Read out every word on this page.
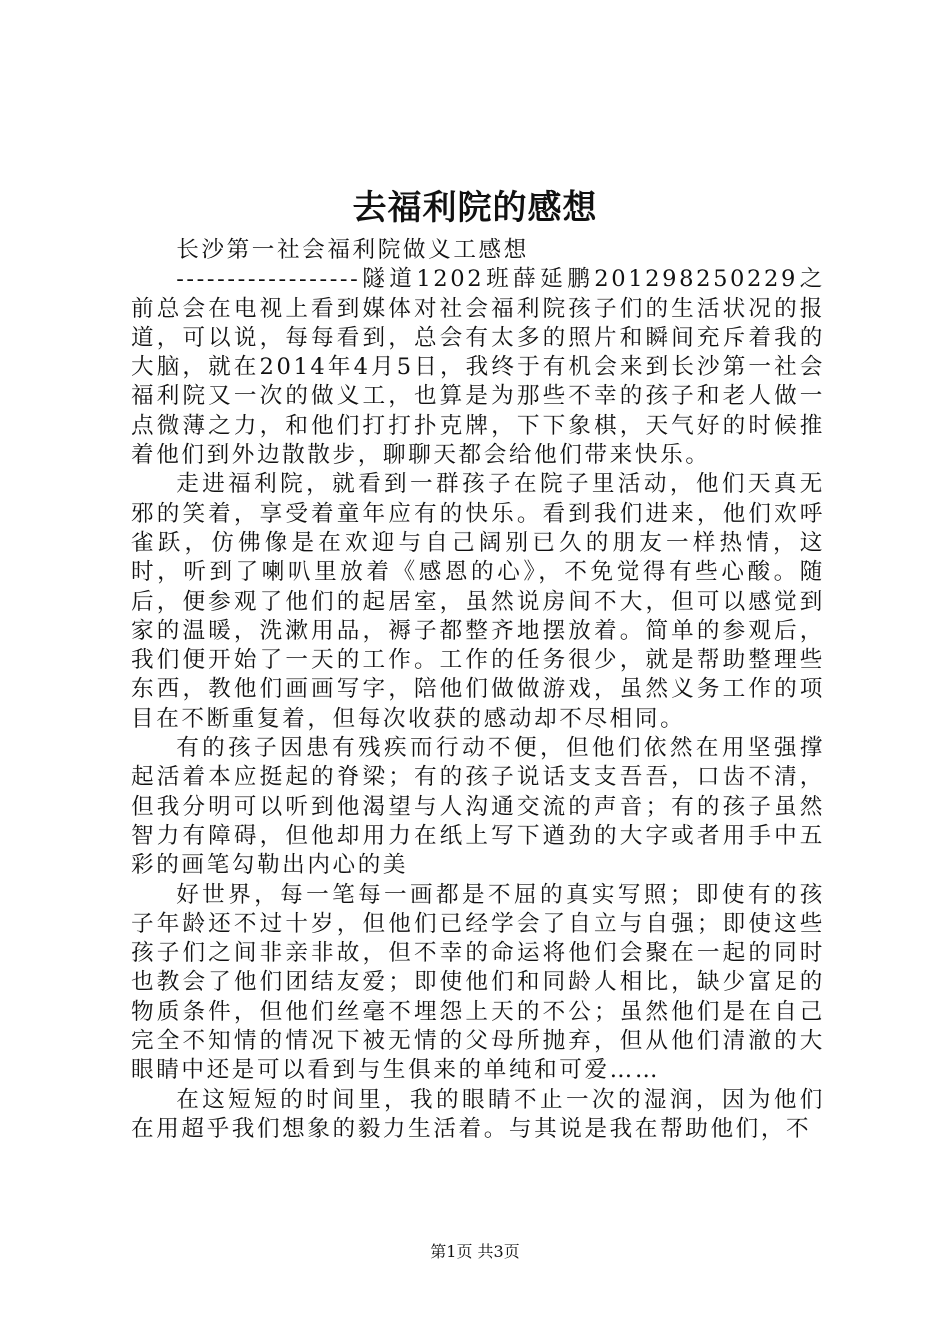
去福利院的感想

长沙第一社会福利院做义工感想

------------------隧道1202班薛延鹏201298250229之前总会在电视上看到媒体对社会福利院孩子们的生活状况的报道，可以说，每每看到，总会有太多的照片和瞬间充斥着我的大脑，就在2014年4月5日，我终于有机会来到长沙第一社会福利院又一次的做义工，也算是为那些不幸的孩子和老人做一点微薄之力，和他们打打扑克牌，下下象棋，天气好的时候推着他们到外边散散步，聊聊天都会给他们带来快乐。

走进福利院，就看到一群孩子在院子里活动，他们天真无邪的笑着，享受着童年应有的快乐。看到我们进来，他们欢呼雀跃，仿佛像是在欢迎与自己阔别已久的朋友一样热情，这时，听到了喇叭里放着《感恩的心》，不免觉得有些心酸。随后，便参观了他们的起居室，虽然说房间不大，但可以感觉到家的温暖，洗漱用品，褥子都整齐地摆放着。简单的参观后，我们便开始了一天的工作。工作的任务很少，就是帮助整理些东西，教他们画画写字，陪他们做做游戏，虽然义务工作的项目在不断重复着，但每次收获的感动却不尽相同。

有的孩子因患有残疾而行动不便，但他们依然在用坚强撑起活着本应挺起的脊梁；有的孩子说话支支吾吾，口齿不清，但我分明可以听到他渴望与人沟通交流的声音；有的孩子虽然智力有障碍，但他却用力在纸上写下遒劲的大字或者用手中五彩的画笔勾勒出内心的美

好世界，每一笔每一画都是不屈的真实写照；即使有的孩子年龄还不过十岁，但他们已经学会了自立与自强；即使这些孩子们之间非亲非故，但不幸的命运将他们会聚在一起的同时也教会了他们团结友爱；即使他们和同龄人相比，缺少富足的物质条件，但他们丝毫不埋怨上天的不公；虽然他们是在自己完全不知情的情况下被无情的父母所抛弃，但从他们清澈的大眼睛中还是可以看到与生俱来的单纯和可爱……

在这短短的时间里，我的眼睛不止一次的湿润，因为他们在用超乎我们想象的毅力生活着。与其说是我在帮助他们，不

第1页 共3页
